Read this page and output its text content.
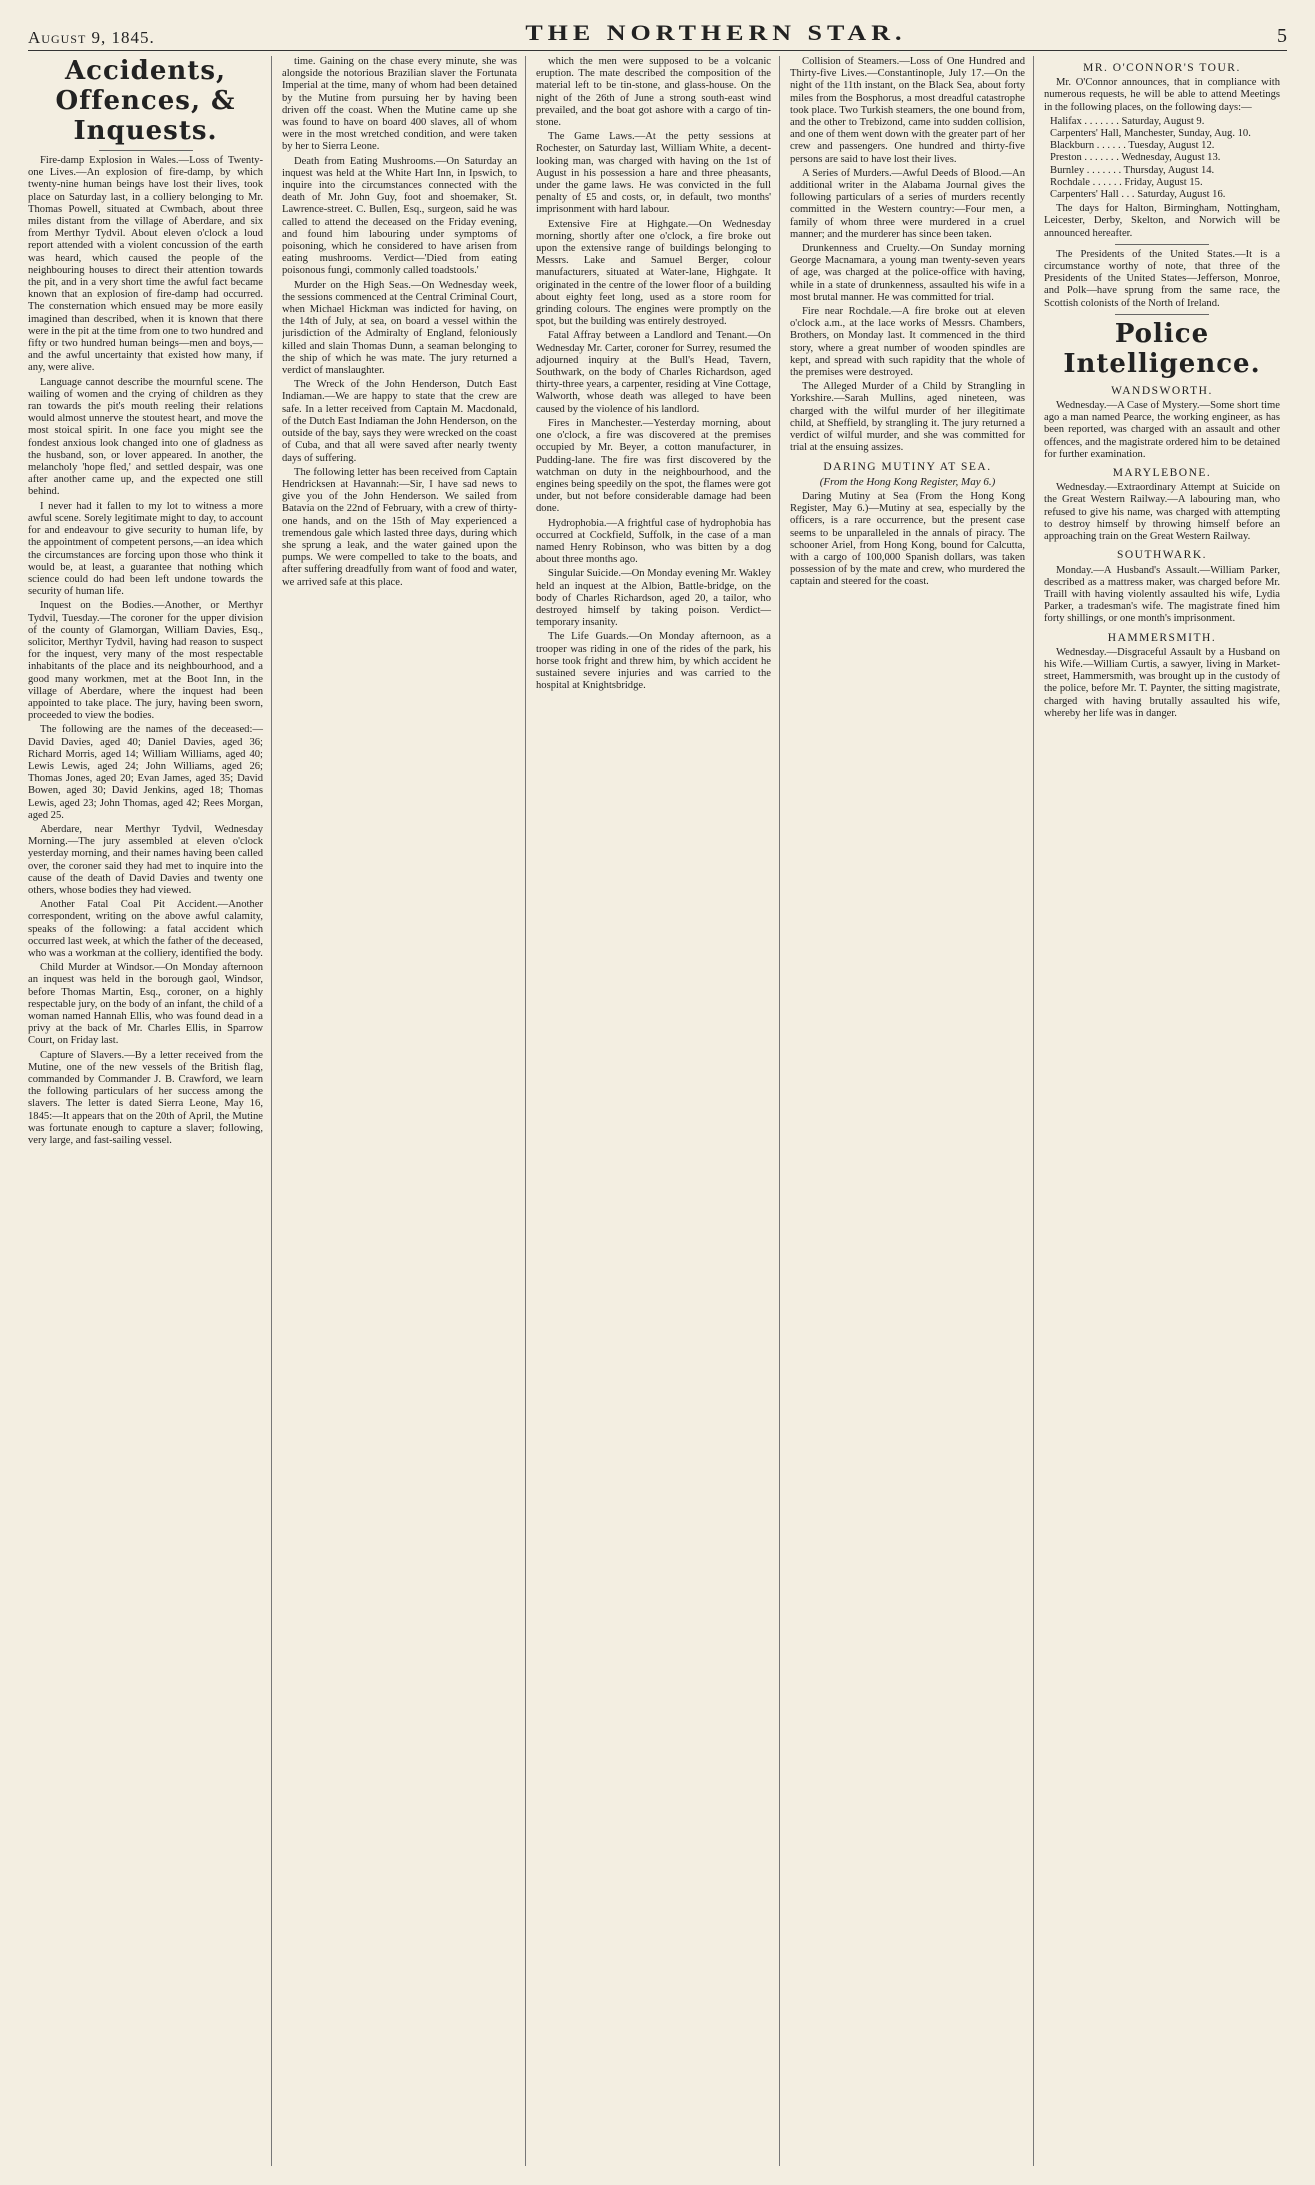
August 9, 1845.	THE NORTHERN STAR.	5
Accidents, Offences, & Inquests.

Fire-damp Explosion in Wales.—Loss of Twenty-one Lives.—An explosion of fire-damp, by which twenty-nine human beings have lost their lives, took place on Saturday last, in a colliery belonging to Mr. Thomas Powell, situated at Cwmbach, about three miles distant from the village of Aberdare, and six from Merthyr Tydvil. About eleven o'clock a loud report attended with a violent concussion of the earth was heard, which caused the people of the neighbouring houses to direct their attention towards the pit, and in a very short time the awful fact became known that an explosion of fire-damp had occurred. The consternation which ensued may be more easily imagined than described, when it is known that there were in the pit at the time from one to two hundred and fifty or two hundred human beings—men and boys,—and the awful uncertainty that existed how many, if any, were alive.

Language cannot describe the mournful scene. The wailing of women and the crying of children as they ran towards the pit's mouth reeling their relations would almost unnerve the stoutest heart, and move the most stoical spirit. In one face you might see the fondest anxious look changed into one of gladness as the husband, son, or lover appeared. In another, the melancholy 'hope fled,' and settled despair, was one after another came up, and the expected one still behind.

I never had it fallen to my lot to witness a more awful scene. Sorely legitimate might to day, to account for and endeavour to give security to human life, by the appointment of competent persons,—an idea which the circumstances are forcing upon those who think it would be, at least, a guarantee that nothing which science could do had been left undone towards the security of human life.

Inquest on the Bodies.—Another, or Merthyr Tydvil, Tuesday.—The coroner for the upper division of the county of Glamorgan, William Davies, Esq., solicitor, Merthyr Tydvil, having had reason to suspect for the inquest, very many of the most respectable inhabitants of the place and its neighbourhood, and a good many workmen, met at the Boot Inn, in the village of Aberdare, where the inquest had been appointed to take place. The jury, having been sworn, proceeded to view the bodies.

The following are the names of the deceased:—David Davies, aged 40; Daniel Davies, aged 36; Richard Morris, aged 14; William Williams, aged 40; Lewis Lewis, aged 24; John Williams, aged 26; Thomas Jones, aged 20; Evan James, aged 35; David Bowen, aged 30; David Jenkins, aged 18; Thomas Lewis, aged 23; John Thomas, aged 42; Rees Morgan, aged 25.

Aberdare, near Merthyr Tydvil, Wednesday Morning.—The jury assembled at eleven o'clock yesterday morning, and their names having been called over, the coroner said they had met to inquire into the cause of the death of David Davies and twenty one others, whose bodies they had viewed.

Another Fatal Coal Pit Accident.—Another correspondent, writing on the above awful calamity, speaks of the following: a fatal accident which occurred last week, at which the father of the deceased, who was a workman at the colliery, identified the body.

Child Murder at Windsor.—On Monday afternoon an inquest was held in the borough gaol, Windsor, before Thomas Martin, Esq., coroner, on a highly respectable jury, on the body of an infant, the child of a woman named Hannah Ellis, who was found dead in a privy at the back of Mr. Charles Ellis, in Sparrow Court, on Friday last.

Capture of Slavers.—By a letter received from the Mutine, one of the new vessels of the British flag, commanded by Commander J. B. Crawford, we learn the following particulars of her success among the slavers. The letter is dated Sierra Leone, May 16, 1845:—It appears that on the 20th of April, the Mutine was fortunate enough to capture a slaver; following, very large, and fast-sailing vessel.

time. Gaining on the chase every minute, she was alongside the notorious Brazilian slaver the Fortunata Imperial at the time, many of whom had been detained by the Mutine from pursuing her by having been driven off the coast. When the Mutine came up she was found to have on board 400 slaves, all of whom were in the most wretched condition, and were taken by her to Sierra Leone.

Death from Eating Mushrooms.—On Saturday an inquest was held at the White Hart Inn, in Ipswich, to inquire into the circumstances connected with the death of Mr. John Guy, foot and shoemaker, St. Lawrence-street. C. Bullen, Esq., surgeon, said he was called to attend the deceased on the Friday evening, and found him labouring under symptoms of poisoning, which he considered to have arisen from eating mushrooms. Verdict—'Died from eating poisonous fungi, commonly called toadstools.'

Murder on the High Seas.—On Wednesday week, the sessions commenced at the Central Criminal Court, when Michael Hickman was indicted for having, on the 14th of July, at sea, on board a vessel within the jurisdiction of the Admiralty of England, feloniously killed and slain Thomas Dunn, a seaman belonging to the ship of which he was mate. The jury returned a verdict of manslaughter.

The Wreck of the John Henderson, Dutch East Indiaman.—We are happy to state that the crew are safe. In a letter received from Captain M. Macdonald, of the Dutch East Indiaman the John Henderson, on the outside of the bay, says they were wrecked on the coast of Cuba, and that all were saved after nearly twenty days of suffering.

The following letter has been received from Captain Hendricksen at Havannah:—Sir, I have sad news to give you of the John Henderson. We sailed from Batavia on the 22nd of February, with a crew of thirty-one hands, and on the 15th of May experienced a tremendous gale which lasted three days, during which she sprung a leak, and the water gained upon the pumps. We were compelled to take to the boats, and after suffering dreadfully from want of food and water, we arrived safe at this place.

which the men were supposed to be a volcanic eruption. The mate described the composition of the material left to be tin-stone, and glass-house. On the night of the 26th of June a strong south-east wind prevailed, and the boat got ashore with a cargo of tin-stone.

The Game Laws.—At the petty sessions at Rochester, on Saturday last, William White, a decent-looking man, was charged with having on the 1st of August in his possession a hare and three pheasants, under the game laws. He was convicted in the full penalty of £5 and costs, or, in default, two months' imprisonment with hard labour.

Extensive Fire at Highgate.—On Wednesday morning, shortly after one o'clock, a fire broke out upon the extensive range of buildings belonging to Messrs. Lake and Samuel Berger, colour manufacturers, situated at Water-lane, Highgate. It originated in the centre of the lower floor of a building about eighty feet long, used as a store room for grinding colours. The engines were promptly on the spot, but the building was entirely destroyed.

Fatal Affray between a Landlord and Tenant.—On Wednesday Mr. Carter, coroner for Surrey, resumed the adjourned inquiry at the Bull's Head, Tavern, Southwark, on the body of Charles Richardson, aged thirty-three years, a carpenter, residing at Vine Cottage, Walworth, whose death was alleged to have been caused by the violence of his landlord.

Fires in Manchester.—Yesterday morning, about one o'clock, a fire was discovered at the premises occupied by Mr. Beyer, a cotton manufacturer, in Pudding-lane. The fire was first discovered by the watchman on duty in the neighbourhood, and the engines being speedily on the spot, the flames were got under, but not before considerable damage had been done.

Hydrophobia.—A frightful case of hydrophobia has occurred at Cockfield, Suffolk, in the case of a man named Henry Robinson, who was bitten by a dog about three months ago.

Singular Suicide.—On Monday evening Mr. Wakley held an inquest at the Albion, Battle-bridge, on the body of Charles Richardson, aged 20, a tailor, who destroyed himself by taking poison. Verdict—temporary insanity.

The Life Guards.—On Monday afternoon, as a trooper was riding in one of the rides of the park, his horse took fright and threw him, by which accident he sustained severe injuries and was carried to the hospital at Knightsbridge.

Collision of Steamers.—Loss of One Hundred and Thirty-five Lives.—Constantinople, July 17.—On the night of the 11th instant, on the Black Sea, about forty miles from the Bosphorus, a most dreadful catastrophe took place. Two Turkish steamers, the one bound from, and the other to Trebizond, came into sudden collision, and one of them went down with the greater part of her crew and passengers. One hundred and thirty-five persons are said to have lost their lives.

A Series of Murders.—Awful Deeds of Blood.—An additional writer in the Alabama Journal gives the following particulars of a series of murders recently committed in the Western country:—Four men, a family of whom three were murdered in a cruel manner; and the murderer has since been taken.

Drunkenness and Cruelty.—On Sunday morning George Macnamara, a young man twenty-seven years of age, was charged at the police-office with having, while in a state of drunkenness, assaulted his wife in a most brutal manner. He was committed for trial.

Fire near Rochdale.—A fire broke out at eleven o'clock a.m., at the lace works of Messrs. Chambers, Brothers, on Monday last. It commenced in the third story, where a great number of wooden spindles are kept, and spread with such rapidity that the whole of the premises were destroyed.

The Alleged Murder of a Child by Strangling in Yorkshire.—Sarah Mullins, aged nineteen, was charged with the wilful murder of her illegitimate child, at Sheffield, by strangling it. The jury returned a verdict of wilful murder, and she was committed for trial at the ensuing assizes.

DARING MUTINY AT SEA.
(From the Hong Kong Register, May 6.)

Daring Mutiny at Sea (From the Hong Kong Register, May 6.)—Mutiny at sea, especially by the officers, is a rare occurrence, but the present case seems to be unparalleled in the annals of piracy. The schooner Ariel, from Hong Kong, bound for Calcutta, with a cargo of 100,000 Spanish dollars, was taken possession of by the mate and crew, who murdered the captain and steered for the coast.

MR. O'CONNOR'S TOUR.

Mr. O'Connor announces, that in compliance with numerous requests, he will be able to attend Meetings in the following places, on the following days:—

Halifax . . . . . . . Saturday, August 9.
Carpenters' Hall, Manchester, Sunday, Aug. 10.
Blackburn . . . . . . Tuesday, August 12.
Preston . . . . . . . Wednesday, August 13.
Burnley . . . . . . . Thursday, August 14.
Rochdale . . . . . . Friday, August 15.
Carpenters' Hall . . . Saturday, August 16.

The days for Halton, Birmingham, Nottingham, Leicester, Derby, Skelton, and Norwich will be announced hereafter.

The Presidents of the United States.—It is a circumstance worthy of note, that three of the Presidents of the United States—Jefferson, Monroe, and Polk—have sprung from the same race, the Scottish colonists of the North of Ireland.

Police Intelligence.
WANDSWORTH.

Wednesday.—A Case of Mystery.—Some short time ago a man named Pearce, the working engineer, as has been reported, was charged with an assault and other offences, and the magistrate ordered him to be detained for further examination.

MARYLEBONE.

Wednesday.—Extraordinary Attempt at Suicide on the Great Western Railway.—A labouring man, who refused to give his name, was charged with attempting to destroy himself by throwing himself before an approaching train on the Great Western Railway.

SOUTHWARK.

Monday.—A Husband's Assault.—William Parker, described as a mattress maker, was charged before Mr. Traill with having violently assaulted his wife, Lydia Parker, a tradesman's wife. The magistrate fined him forty shillings, or one month's imprisonment.

HAMMERSMITH.

Wednesday.—Disgraceful Assault by a Husband on his Wife.—William Curtis, a sawyer, living in Market-street, Hammersmith, was brought up in the custody of the police, before Mr. T. Paynter, the sitting magistrate, charged with having brutally assaulted his wife, whereby her life was in danger.
